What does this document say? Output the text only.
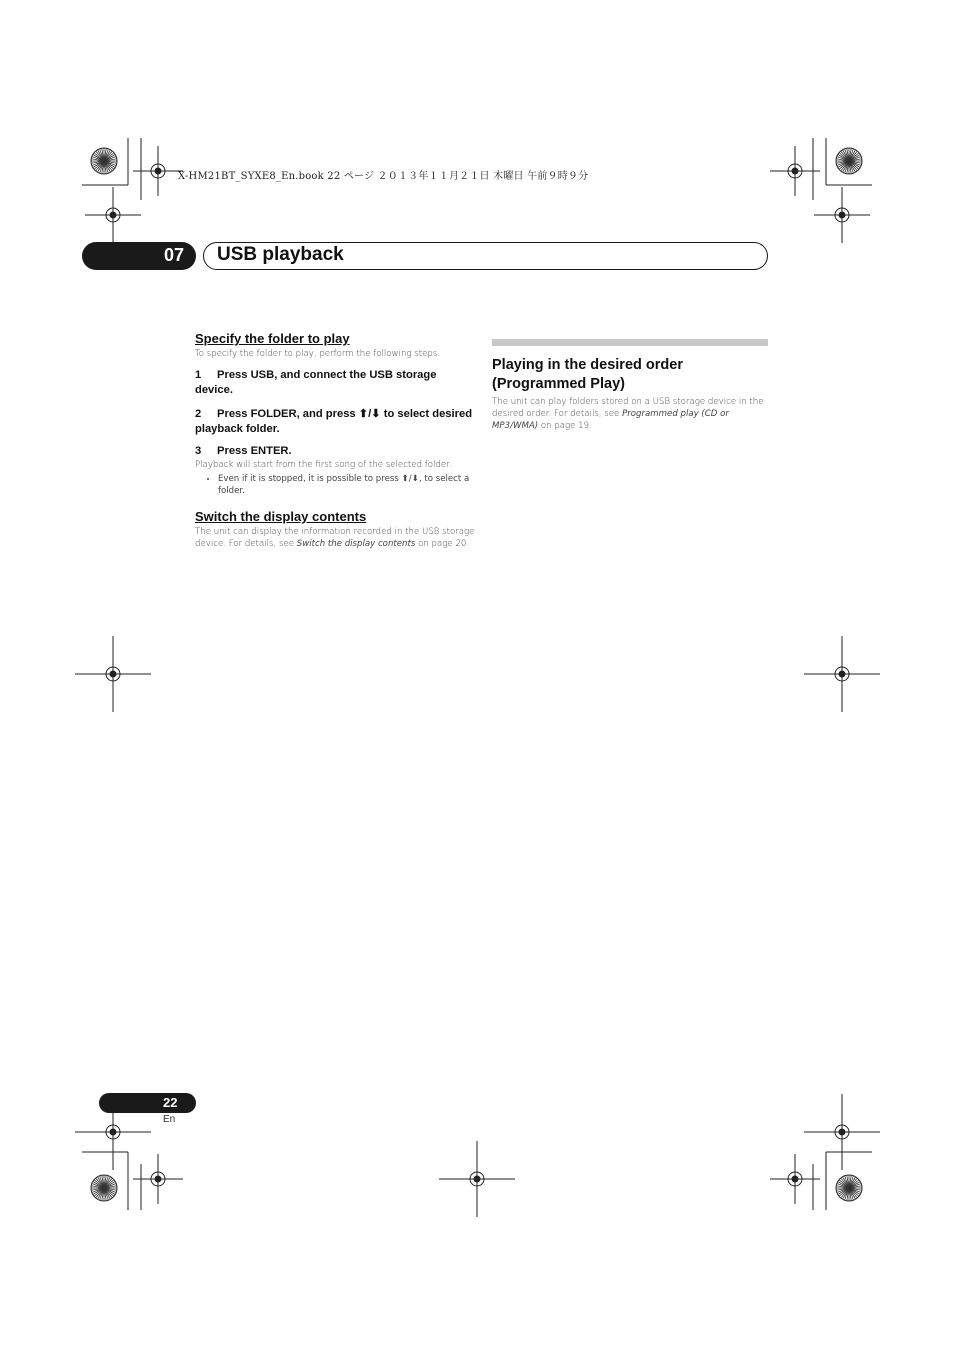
X-HM21BT_SYXE8_En.book 22 ページ ２０１３年１１月２１日 木曜日 午前９時９分
07 USB playback
Specify the folder to play

To specify the folder to play, perform the following steps.

1 Press USB, and connect the USB storage device.

2 Press FOLDER, and press ⬆/⬇ to select desired playback folder.

3 Press ENTER.

Playback will start from the first song of the selected folder.

• Even if it is stopped, it is possible to press ⬆/⬇, to select a folder.
Switch the display contents

The unit can display the information recorded in the USB storage device. For details, see Switch the display contents on page 20.

Playing in the desired order (Programmed Play)

The unit can play folders stored on a USB storage device in the desired order. For details, see Programmed play (CD or MP3/WMA) on page 19.

22
En
